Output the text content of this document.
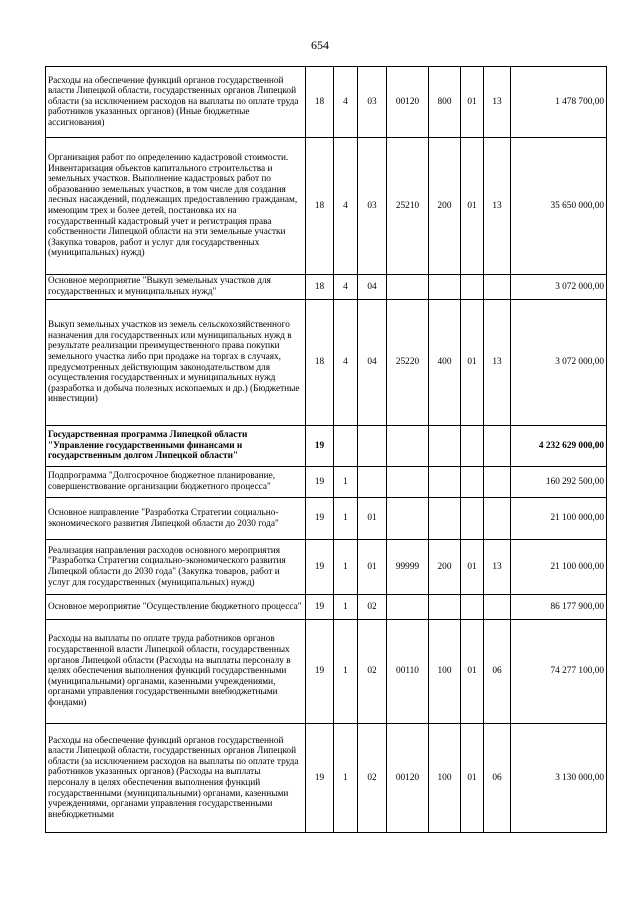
654
Расходы на обеспечение функций органов государственной власти Липецкой области, государственных органов Липецкой области (за исключением расходов на выплаты по оплате труда работников указанных органов) (Иные бюджетные ассигнования)	18	4	03	00120	800	01	13	1 478 700,00
Организация работ по определению кадастровой стоимости. Инвентаризация объектов капитального строительства и земельных участков. Выполнение кадастровых работ по образованию земельных участков, в том числе для создания лесных насаждений, подлежащих предоставлению гражданам, имеющим трех и более детей, постановка их на государственный кадастровый учет и регистрация права собственности Липецкой области на эти земельные участки (Закупка товаров, работ и услуг для государственных (муниципальных) нужд)	18	4	03	25210	200	01	13	35 650 000,00
Основное мероприятие "Выкуп земельных участков для государственных и муниципальных нужд"	18	4	04					3 072 000,00
Выкуп земельных участков из земель сельскохозяйственного назначения для государственных или муниципальных нужд в результате реализации преимущественного права покупки земельного участка либо при продаже на торгах в случаях, предусмотренных действующим законодательством для осуществления государственных и муниципальных нужд (разработка и добыча полезных ископаемых и др.) (Бюджетные инвестиции)	18	4	04	25220	400	01	13	3 072 000,00
Государственная программа Липецкой области "Управление государственными финансами и государственным долгом Липецкой области"	19							4 232 629 000,00
Подпрограмма "Долгосрочное бюджетное планирование, совершенствование организации бюджетного процесса"	19	1						160 292 500,00
Основное направление "Разработка Стратегии социально-экономического развития Липецкой области до 2030 года"	19	1	01					21 100 000,00
Реализация направления расходов основного мероприятия "Разработка Стратегии социально-экономического развития Липецкой области до 2030 года" (Закупка товаров, работ и услуг для государственных (муниципальных) нужд)	19	1	01	99999	200	01	13	21 100 000,00
Основное мероприятие "Осуществление бюджетного процесса"	19	1	02					86 177 900,00
Расходы на выплаты по оплате труда работников органов государственной власти Липецкой области, государственных органов Липецкой области (Расходы на выплаты персоналу в целях обеспечения выполнения функций государственными (муниципальными) органами, казенными учреждениями, органами управления государственными внебюджетными фондами)	19	1	02	00110	100	01	06	74 277 100,00
Расходы на обеспечение функций органов государственной власти Липецкой области, государственных органов Липецкой области (за исключением расходов на выплаты по оплате труда работников указанных органов) (Расходы на выплаты персоналу в целях обеспечения выполнения функций государственными (муниципальными) органами, казенными учреждениями, органами управления государственными внебюджетными	19	1	02	00120	100	01	06	3 130 000,00
